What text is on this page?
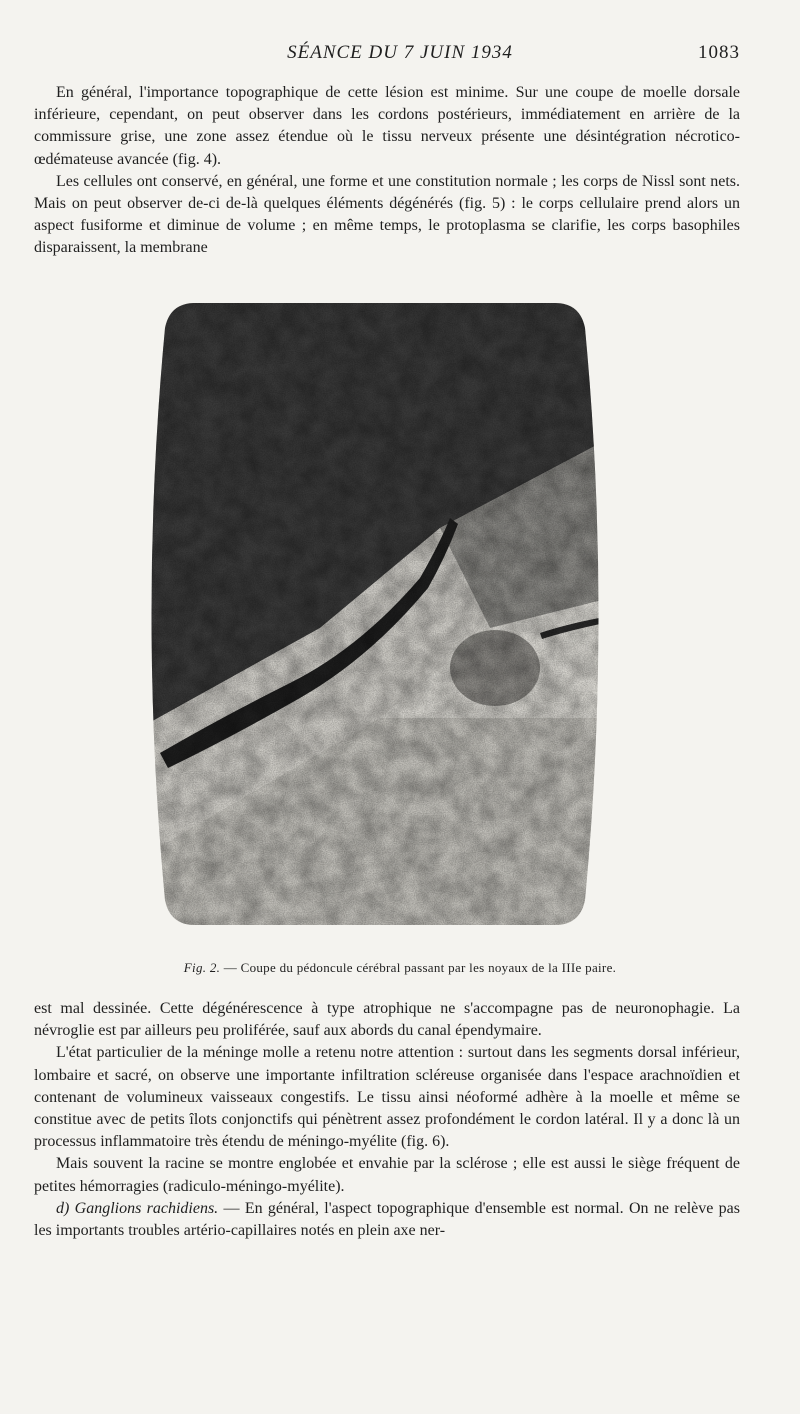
SÉANCE DU 7 JUIN 1934	1083

En général, l'importance topographique de cette lésion est minime. Sur une coupe de moelle dorsale inférieure, cependant, on peut observer dans les cordons postérieurs, immédiatement en arrière de la commissure grise, une zone assez étendue où le tissu nerveux présente une désintégration nécrotico-œdémateuse avancée (fig. 4).

Les cellules ont conservé, en général, une forme et une constitution normale ; les corps de Nissl sont nets. Mais on peut observer de-ci de-là quelques éléments dégénérés (fig. 5) : le corps cellulaire prend alors un aspect fusiforme et diminue de volume ; en même temps, le protoplasma se clarifie, les corps basophiles disparaissent, la membrane

Fig. 2. — Coupe du pédoncule cérébral passant par les noyaux de la IIIe paire.

est mal dessinée. Cette dégénérescence à type atrophique ne s'accompagne pas de neuronophagie. La névroglie est par ailleurs peu proliférée, sauf aux abords du canal épendymaire.

L'état particulier de la méninge molle a retenu notre attention : surtout dans les segments dorsal inférieur, lombaire et sacré, on observe une importante infiltration scléreuse organisée dans l'espace arachnoïdien et contenant de volumineux vaisseaux congestifs. Le tissu ainsi néoformé adhère à la moelle et même se constitue avec de petits îlots conjonctifs qui pénètrent assez profondément le cordon latéral. Il y a donc là un processus inflammatoire très étendu de méningo-myélite (fig. 6).

Mais souvent la racine se montre englobée et envahie par la sclérose ; elle est aussi le siège fréquent de petites hémorragies (radiculo-méningo-myélite).

d) Ganglions rachidiens. — En général, l'aspect topographique d'ensemble est normal. On ne relève pas les importants troubles artério-capillaires notés en plein axe ner-
